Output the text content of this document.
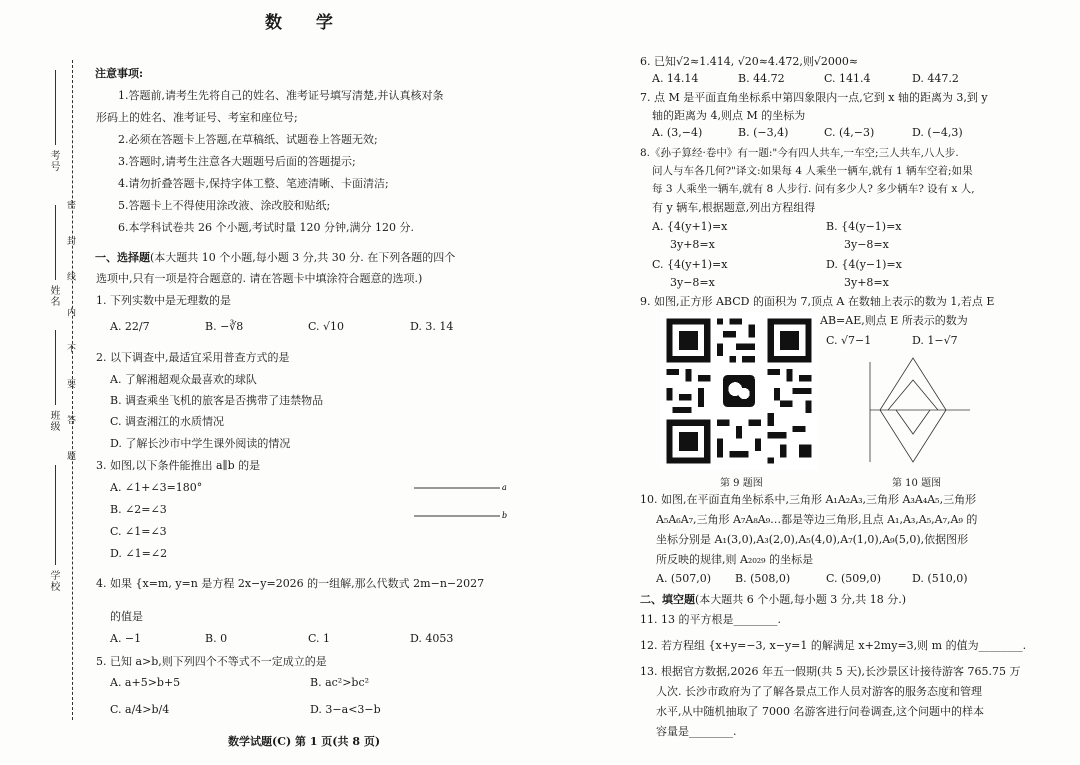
考号
姓名
班级
学校
密 封 线 内 不 要 答 题
数 学
注意事项:
1.答题前,请考生先将自己的姓名、准考证号填写清楚,并认真核对条
形码上的姓名、准考证号、考室和座位号;
2.必须在答题卡上答题,在草稿纸、试题卷上答题无效;
3.答题时,请考生注意各大题题号后面的答题提示;
4.请勿折叠答题卡,保持字体工整、笔迹清晰、卡面清洁;
5.答题卡上不得使用涂改液、涂改胶和贴纸;
6.本学科试卷共 26 个小题,考试时量 120 分钟,满分 120 分.
一、选择题(本大题共 10 个小题,每小题 3 分,共 30 分. 在下列各题的四个
选项中,只有一项是符合题意的. 请在答题卡中填涂符合题意的选项.)
1. 下列实数中是无理数的是
A. 22/7	B. −∛8	C. √10	D. 3. 14
2. 以下调查中,最适宜采用普查方式的是
A. 了解湘超观众最喜欢的球队
B. 调查乘坐飞机的旅客是否携带了违禁物品
C. 调查湘江的水质情况
D. 了解长沙市中学生课外阅读的情况
3. 如图,以下条件能推出 a∥b 的是
A. ∠1+∠3=180°
B. ∠2=∠3
C. ∠1=∠3
D. ∠1=∠2
a
b
4. 如果 {x=m, y=n 是方程 2x−y=2026 的一组解,那么代数式 2m−n−2027
的值是
A. −1	B. 0	C. 1	D. 4053
5. 已知 a>b,则下列四个不等式不一定成立的是
A. a+5>b+5	B. ac²>bc²
C. a/4>b/4	D. 3−a<3−b
数学试题(C) 第 1 页(共 8 页)
6. 已知√2≈1.414, √20≈4.472,则√2000≈
A. 14.14	B. 44.72	C. 141.4	D. 447.2
7. 点 M 是平面直角坐标系中第四象限内一点,它到 x 轴的距离为 3,到 y
轴的距离为 4,则点 M 的坐标为
A. (3,−4)	B. (−3,4)	C. (4,−3)	D. (−4,3)
8.《孙子算经·卷中》有一题:"今有四人共车,一车空;三人共车,八人步.
问人与车各几何?"译文:如果每 4 人乘坐一辆车,就有 1 辆车空着;如果
每 3 人乘坐一辆车,就有 8 人步行. 问有多少人? 多少辆车? 设有 x 人,
有 y 辆车,根据题意,列出方程组得
A. {4(y+1)=x
3y+8=x
B. {4(y−1)=x
3y−8=x
C. {4(y+1)=x
3y−8=x
D. {4(y−1)=x
3y+8=x
9. 如图,正方形 ABCD 的面积为 7,顶点 A 在数轴上表示的数为 1,若点 E
AB=AE,则点 E 所表示的数为
C. √7−1	D. 1−√7
第 9 题图	第 10 题图
10. 如图,在平面直角坐标系中,三角形 A₁A₂A₃,三角形 A₃A₄A₅,三角形
A₅A₆A₇,三角形 A₇A₈A₉…都是等边三角形,且点 A₁,A₃,A₅,A₇,A₉ 的
坐标分别是 A₁(3,0),A₃(2,0),A₅(4,0),A₇(1,0),A₉(5,0),依据图形
所反映的规律,则 A₂₀₂₉ 的坐标是
A. (507,0) B. (508,0)	C. (509,0)	D. (510,0)
二、填空题(本大题共 6 个小题,每小题 3 分,共 18 分.)
11. 13 的平方根是________.
12. 若方程组 {x+y=−3, x−y=1 的解满足 x+2my=3,则 m 的值为________.
13. 根据官方数据,2026 年五一假期(共 5 天),长沙景区计接待游客 765.75 万
人次. 长沙市政府为了了解各景点工作人员对游客的服务态度和管理
水平,从中随机抽取了 7000 名游客进行问卷调查,这个问题中的样本
容量是________.
